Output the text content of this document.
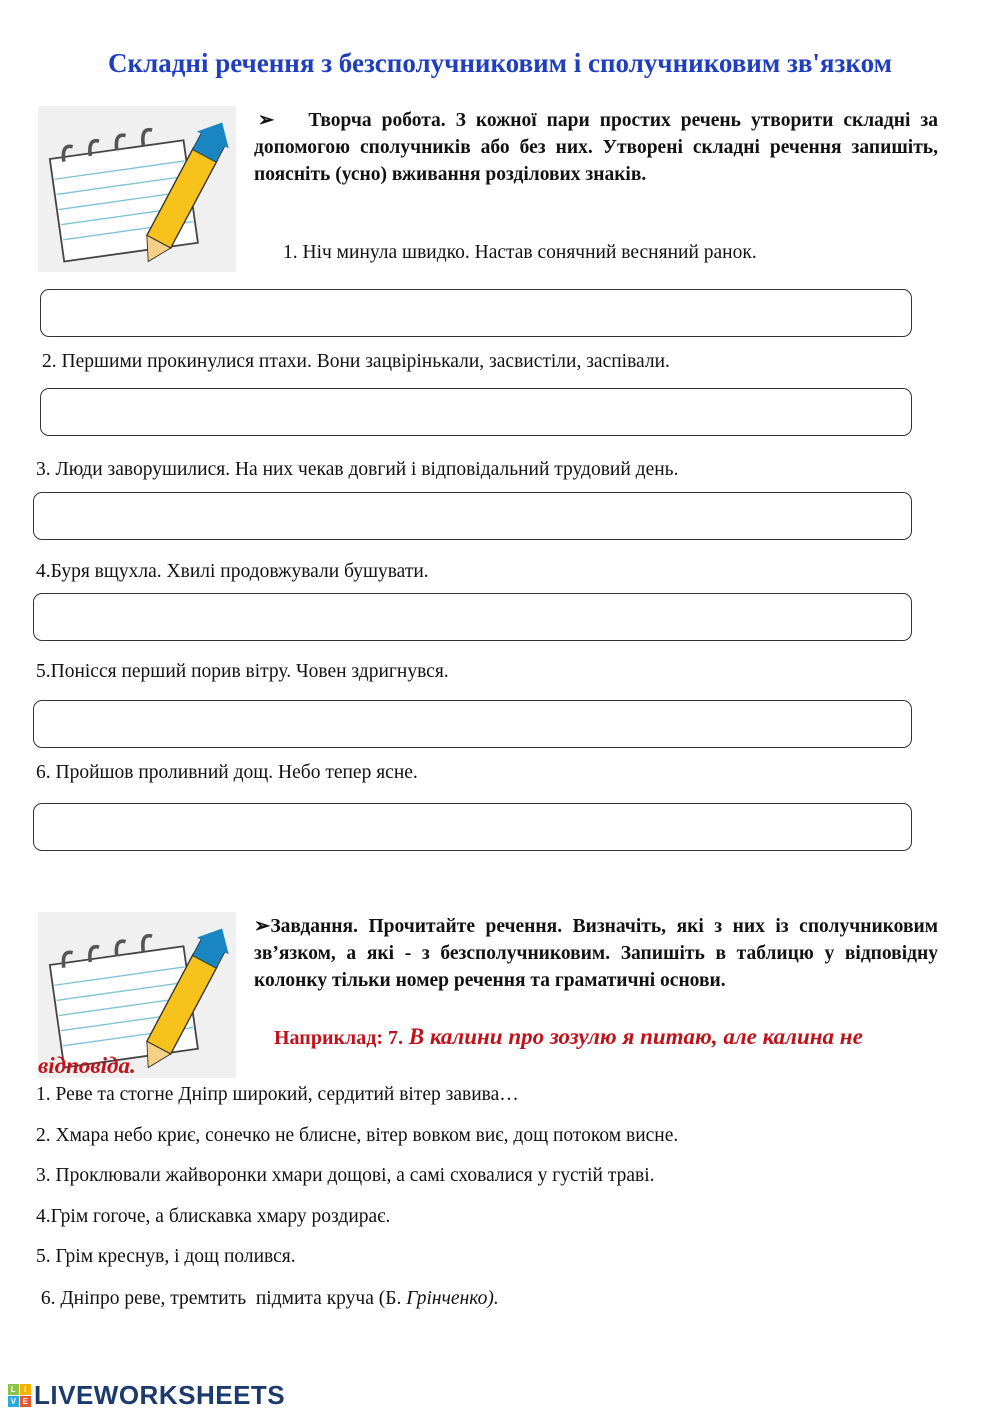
Складні речення з безсполучниковим і сполучниковим зв'язком
➢ Творча робота. З кожної пари простих речень утворити складні за допомогою сполучників або без них. Утворені складні речення запишіть, поясніть (усно) вживання розділових знаків.
1. Ніч минула швидко. Настав сонячний весняний ранок.
2. Першими прокинулися птахи. Вони зацвірінькали, засвистіли, заспівали.
3. Люди заворушилися. На них чекав довгий і відповідальний трудовий день.
4.Буря вщухла. Хвилі продовжували бушувати.
5.Понісся перший порив вітру. Човен здригнувся.
6. Пройшов проливний дощ. Небо тепер ясне.
➢Завдання. Прочитайте речення. Визначіть, які з них із сполучниковим зв’язком, а які - з безсполучниковим. Запишіть в таблицю у відповідну колонку тільки номер речення та граматичні основи.
Наприклад: 7. В калини про зозулю я питаю, але калина не відповіда.
1. Реве та стогне Дніпр широкий, сердитий вітер завива…
2. Хмара небо криє, сонечко не блисне, вітер вовком виє, дощ потоком висне.
3. Проклювали жайворонки хмари дощові, а самі сховалися у густій траві.
4.Грім гогоче, а блискавка хмару роздирає.
5. Грім креснув, і дощ полився.
6. Дніпро реве, тремтить  підмита круча (Б. Грінченко).
L I
V E LIVEWORKSHEETS
